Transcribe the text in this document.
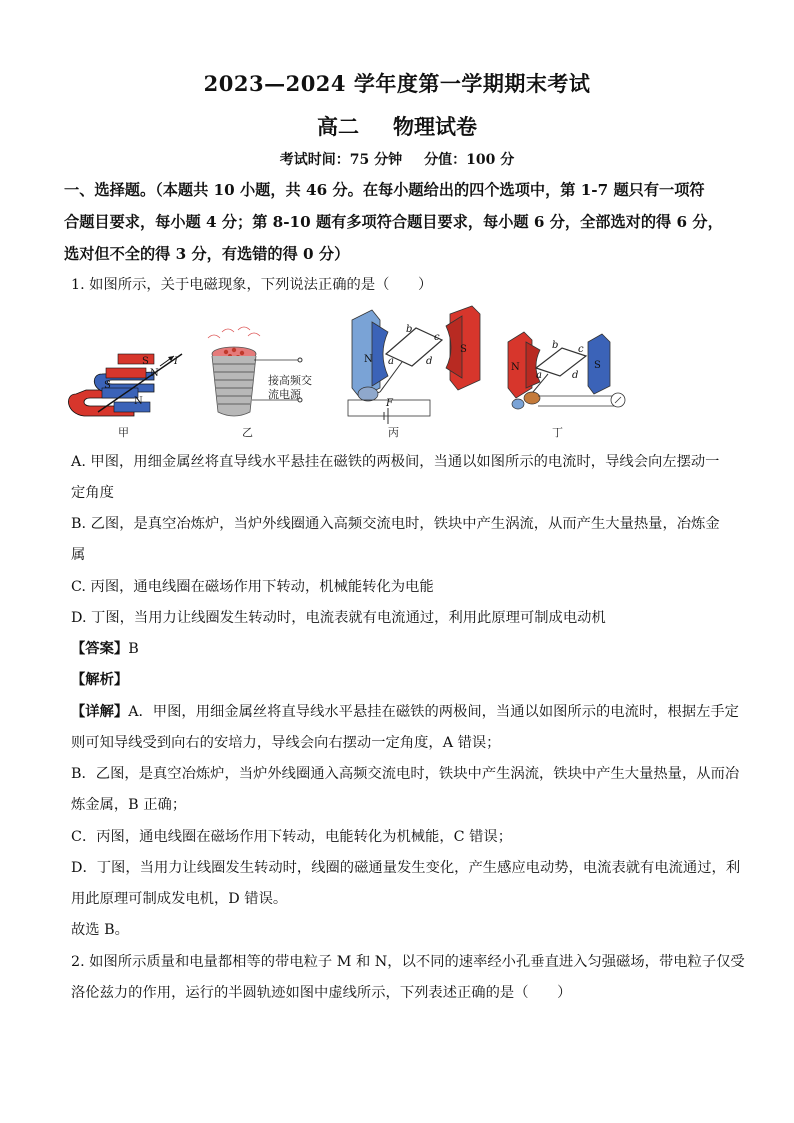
2023—2024 学年度第一学期期末考试
高二 物理试卷
考试时间：75 分钟 分值：100 分
一、选择题。（本题共 10 小题，共 46 分。在每小题给出的四个选项中，第 1-7 题只有一项符
合题目要求，每小题 4 分；第 8-10 题有多项符合题目要求，每小题 6 分，全部选对的得 6 分，
选对但不全的得 3 分，有选错的得 0 分）
1. 如图所示，关于电磁现象，下列说法正确的是（　　）
S
N
S
N
I
甲
接高频交
流电源
乙
N
S
a
b
c
d
F
丙
N	S
a
b c
d
丁
A. 甲图，用细金属丝将直导线水平悬挂在磁铁的两极间，当通以如图所示的电流时，导线会向左摆动一
定角度
B. 乙图，是真空冶炼炉，当炉外线圈通入高频交流电时，铁块中产生涡流，从而产生大量热量，冶炼金
属
C. 丙图，通电线圈在磁场作用下转动，机械能转化为电能
D. 丁图，当用力让线圈发生转动时，电流表就有电流通过，利用此原理可制成电动机
【答案】B
【解析】
【详解】A．甲图，用细金属丝将直导线水平悬挂在磁铁的两极间，当通以如图所示的电流时，根据左手定
则可知导线受到向右的安培力，导线会向右摆动一定角度，A 错误；
B．乙图，是真空冶炼炉，当炉外线圈通入高频交流电时，铁块中产生涡流，铁块中产生大量热量，从而冶
炼金属，B 正确；
C．丙图，通电线圈在磁场作用下转动，电能转化为机械能，C 错误；
D．丁图，当用力让线圈发生转动时，线圈的磁通量发生变化，产生感应电动势，电流表就有电流通过，利
用此原理可制成发电机，D 错误。
故选 B。
2. 如图所示质量和电量都相等的带电粒子 M 和 N，以不同的速率经小孔垂直进入匀强磁场，带电粒子仅受
洛伦兹力的作用，运行的半圆轨迹如图中虚线所示，下列表述正确的是（　　）
